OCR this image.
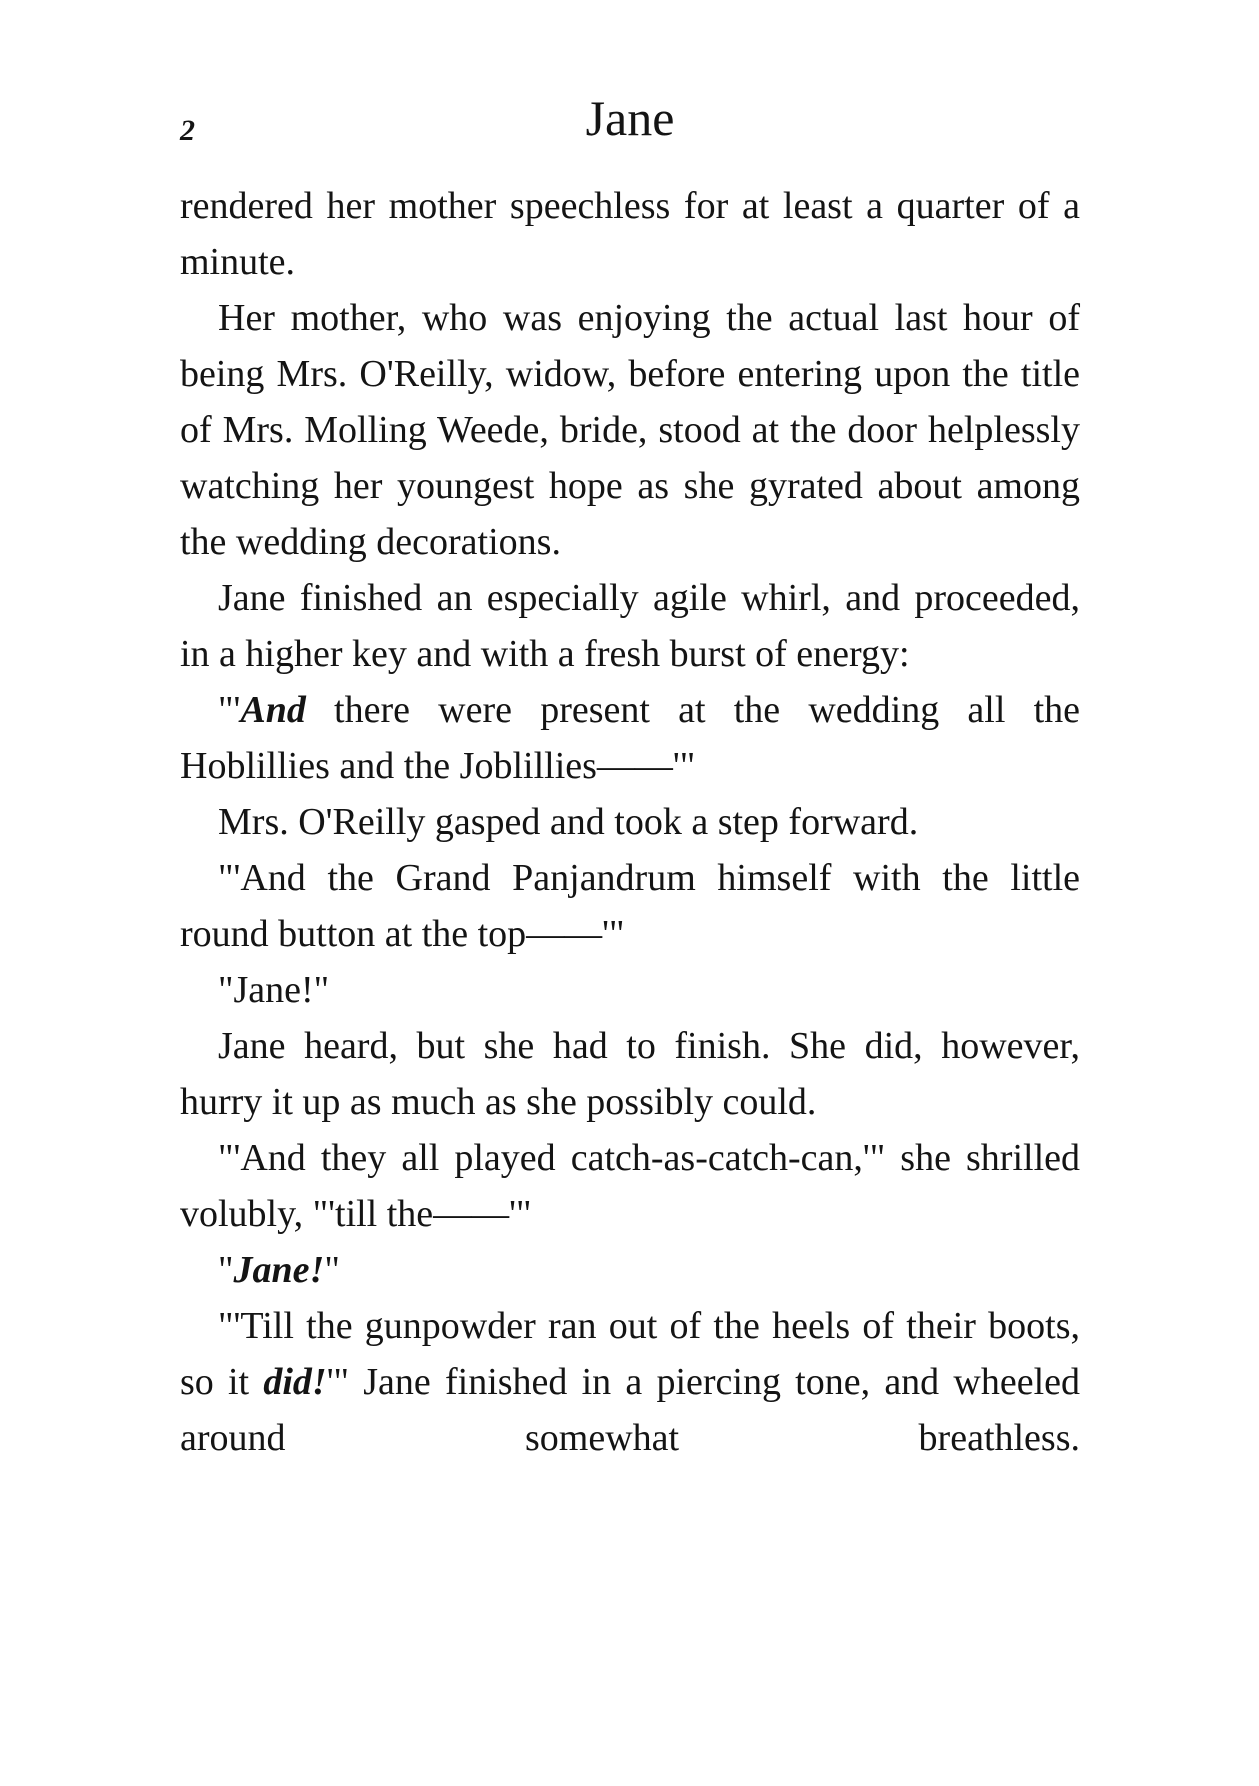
2	Jane

rendered her mother speechless for at least a quarter of a minute.

Her mother, who was enjoying the actual last hour of being Mrs. O'Reilly, widow, before entering upon the title of Mrs. Molling Weede, bride, stood at the door helplessly watching her youngest hope as she gyrated about among the wedding decorations.

Jane finished an especially agile whirl, and proceeded, in a higher key and with a fresh burst of energy:

"'And there were present at the wedding all the Hoblillies and the Joblillies——'"

Mrs. O'Reilly gasped and took a step forward.

"'And the Grand Panjandrum himself with the little round button at the top——'"

"Jane!"

Jane heard, but she had to finish. She did, however, hurry it up as much as she possibly could.

"'And they all played catch-as-catch-can,'" she shrilled volubly, "'till the——'"

"Jane!"

"'Till the gunpowder ran out of the heels of their boots, so it did!'" Jane finished in a piercing tone, and wheeled around somewhat breathless.
